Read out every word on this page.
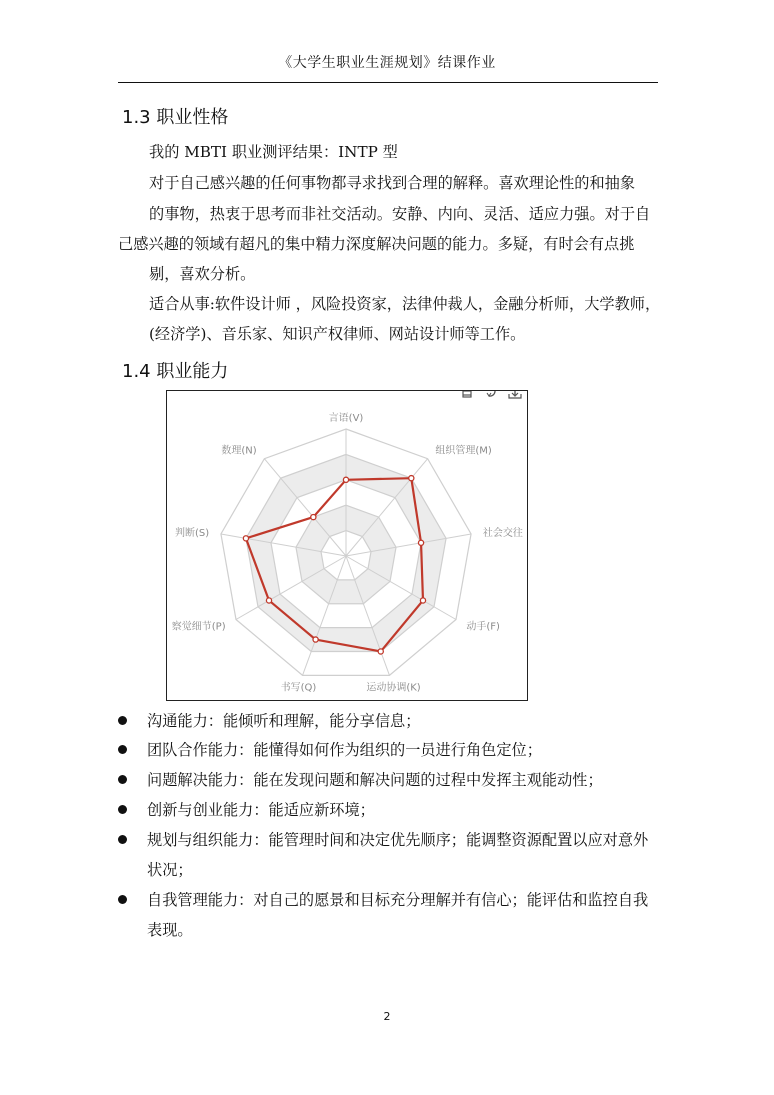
《大学生职业生涯规划》结课作业
1.3 职业性格
我的 MBTI 职业测评结果：INTP 型
对于自己感兴趣的任何事物都寻求找到合理的解释。喜欢理论性的和抽象
的事物，热衷于思考而非社交活动。安静、内向、灵活、适应力强。对于自
己感兴趣的领域有超凡的集中精力深度解决问题的能力。多疑，有时会有点挑
剔，喜欢分析。
适合从事:软件设计师 ，风险投资家，法律仲裁人，金融分析师，大学教师，
(经济学)、音乐家、知识产权律师、网站设计师等工作。
1.4 职业能力
言语(V)
组织管理(M)
社会交往
动手(F)
运动协调(K)
书写(Q)
察觉细节(P)
判断(S)
数理(N)
沟通能力：能倾听和理解，能分享信息；
团队合作能力：能懂得如何作为组织的一员进行角色定位；
问题解决能力：能在发现问题和解决问题的过程中发挥主观能动性；
创新与创业能力：能适应新环境；
规划与组织能力：能管理时间和决定优先顺序；能调整资源配置以应对意外
状况；
自我管理能力：对自己的愿景和目标充分理解并有信心；能评估和监控自我
表现。
2
